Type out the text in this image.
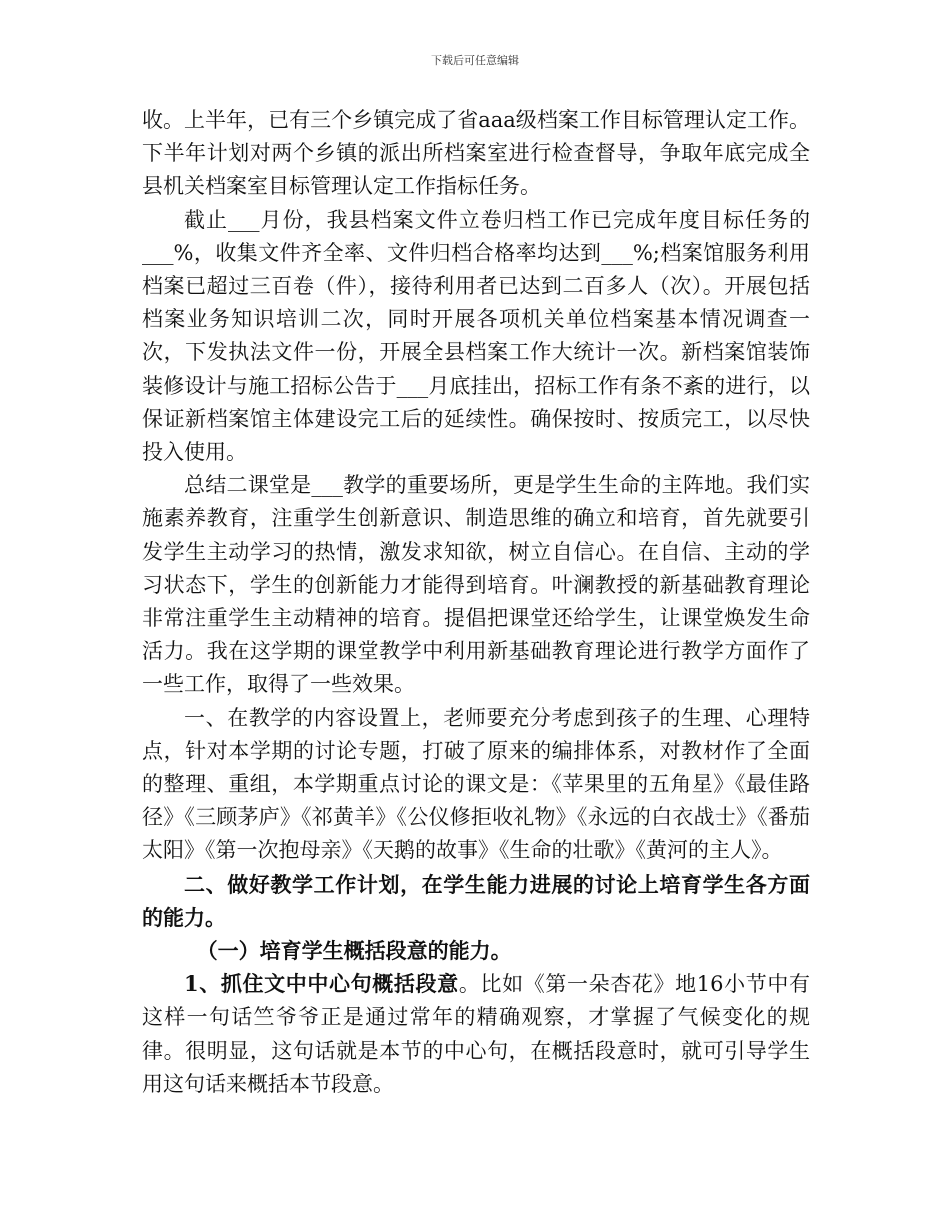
下载后可任意编辑

收。上半年，已有三个乡镇完成了省aaa级档案工作目标管理认定工作。下半年计划对两个乡镇的派出所档案室进行检查督导，争取年底完成全县机关档案室目标管理认定工作指标任务。

截止___月份，我县档案文件立卷归档工作已完成年度目标任务的___%，收集文件齐全率、文件归档合格率均达到___%;档案馆服务利用档案已超过三百卷（件），接待利用者已达到二百多人（次）。开展包括档案业务知识培训二次，同时开展各项机关单位档案基本情况调查一次，下发执法文件一份，开展全县档案工作大统计一次。新档案馆装饰装修设计与施工招标公告于___月底挂出，招标工作有条不紊的进行，以保证新档案馆主体建设完工后的延续性。确保按时、按质完工，以尽快投入使用。

总结二课堂是___教学的重要场所，更是学生生命的主阵地。我们实施素养教育，注重学生创新意识、制造思维的确立和培育，首先就要引发学生主动学习的热情，激发求知欲，树立自信心。在自信、主动的学习状态下，学生的创新能力才能得到培育。叶澜教授的新基础教育理论非常注重学生主动精神的培育。提倡把课堂还给学生，让课堂焕发生命活力。我在这学期的课堂教学中利用新基础教育理论进行教学方面作了一些工作，取得了一些效果。

一、在教学的内容设置上，老师要充分考虑到孩子的生理、心理特点，针对本学期的讨论专题，打破了原来的编排体系，对教材作了全面的整理、重组，本学期重点讨论的课文是：《苹果里的五角星》《最佳路径》《三顾茅庐》《祁黄羊》《公仪修拒收礼物》《永远的白衣战士》《番茄太阳》《第一次抱母亲》《天鹅的故事》《生命的壮歌》《黄河的主人》。

二、做好教学工作计划，在学生能力进展的讨论上培育学生各方面的能力。

（一）培育学生概括段意的能力。

1、抓住文中中心句概括段意。比如《第一朵杏花》地16小节中有这样一句话竺爷爷正是通过常年的精确观察，才掌握了气候变化的规律。很明显，这句话就是本节的中心句，在概括段意时，就可引导学生用这句话来概括本节段意。
